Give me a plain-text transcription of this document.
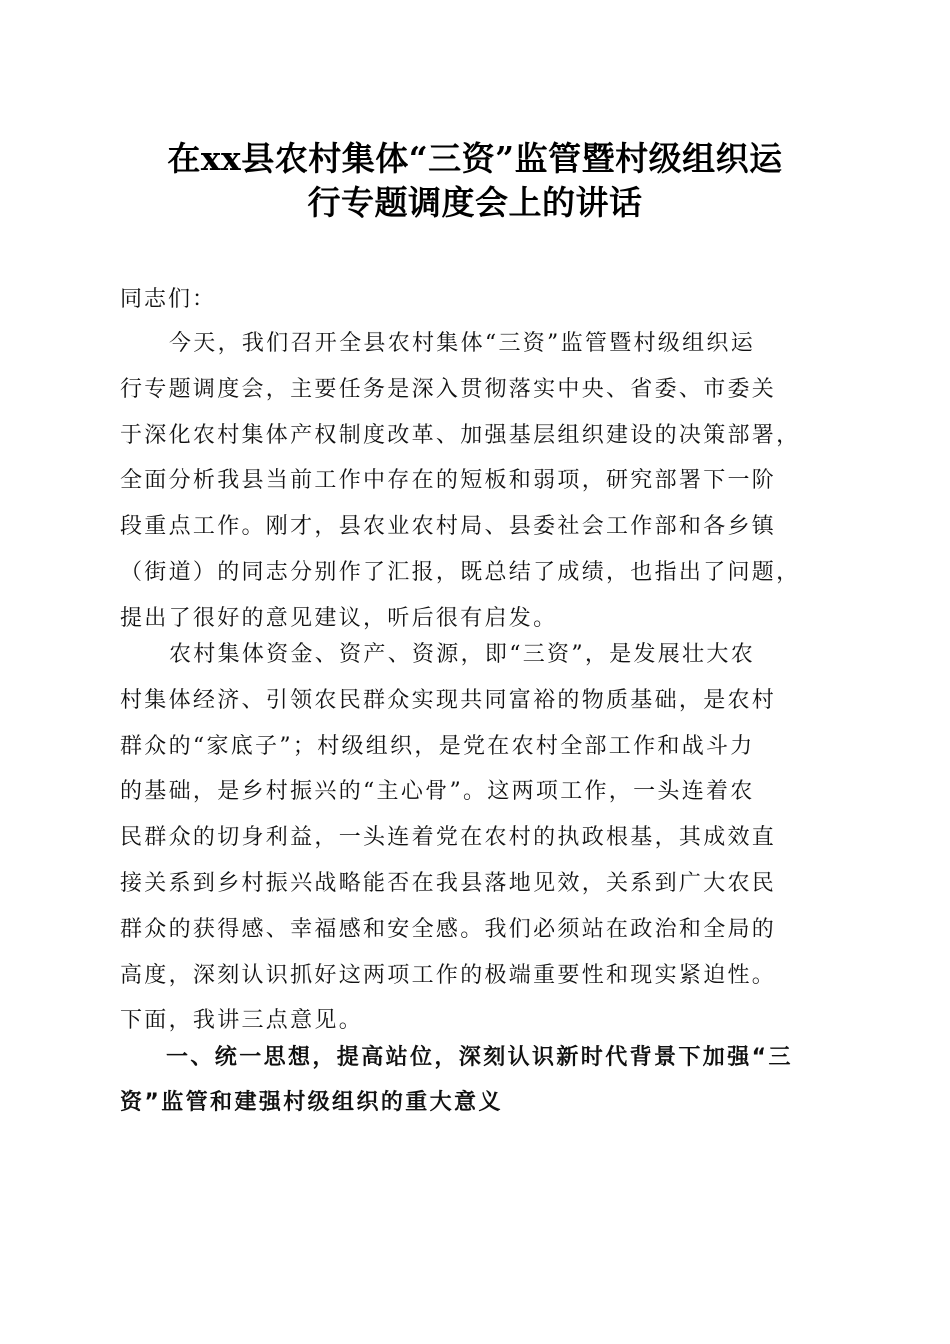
在xx县农村集体“三资”监管暨村级组织运
行专题调度会上的讲话
同志们：
今天，我们召开全县农村集体“三资”监管暨村级组织运
行专题调度会，主要任务是深入贯彻落实中央、省委、市委关
于深化农村集体产权制度改革、加强基层组织建设的决策部署，
全面分析我县当前工作中存在的短板和弱项，研究部署下一阶
段重点工作。刚才，县农业农村局、县委社会工作部和各乡镇
（街道）的同志分别作了汇报，既总结了成绩，也指出了问题，
提出了很好的意见建议，听后很有启发。
农村集体资金、资产、资源，即“三资”，是发展壮大农
村集体经济、引领农民群众实现共同富裕的物质基础，是农村
群众的“家底子”；村级组织，是党在农村全部工作和战斗力
的基础，是乡村振兴的“主心骨”。这两项工作，一头连着农
民群众的切身利益，一头连着党在农村的执政根基，其成效直
接关系到乡村振兴战略能否在我县落地见效，关系到广大农民
群众的获得感、幸福感和安全感。我们必须站在政治和全局的
高度，深刻认识抓好这两项工作的极端重要性和现实紧迫性。
下面，我讲三点意见。
一、统一思想，提高站位，深刻认识新时代背景下加强“三资”监管和建强村级组织的重大意义
